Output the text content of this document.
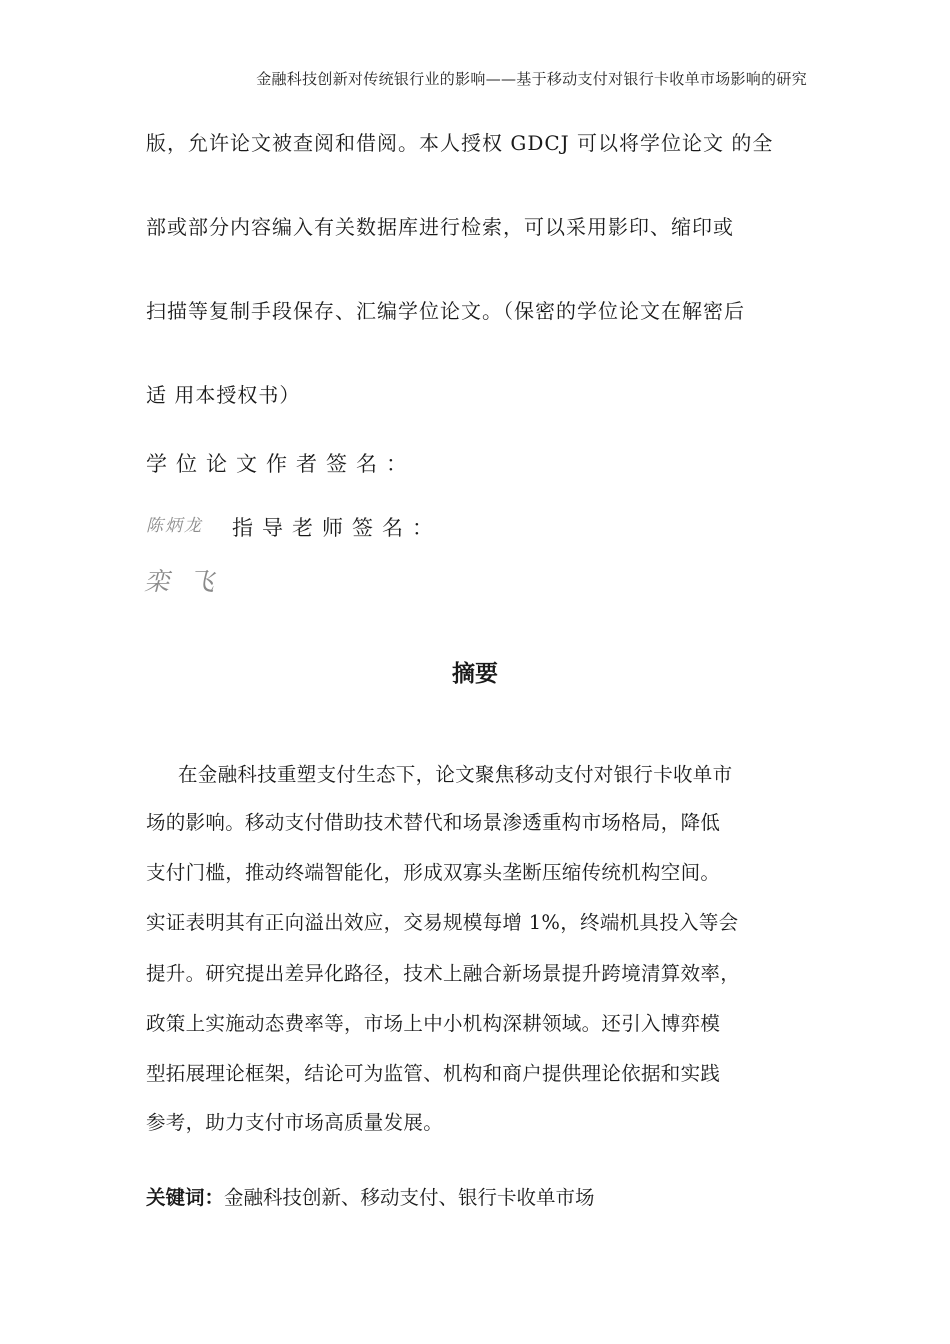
金融科技创新对传统银行业的影响——基于移动支付对银行卡收单市场影响的研究
版，允许论文被查阅和借阅。本人授权 GDCJ 可以将学位论文 的全
部或部分内容编入有关数据库进行检索，可以采用影印、缩印或
扫描等复制手段保存、汇编学位论文。（保密的学位论文在解密后
适 用本授权书）
学位论文作者签名：
陈炳龙 指导老师签名：
栾 飞
摘要
在金融科技重塑支付生态下，论文聚焦移动支付对银行卡收单市
场的影响。移动支付借助技术替代和场景渗透重构市场格局，降低
支付门槛，推动终端智能化，形成双寡头垄断压缩传统机构空间。
实证表明其有正向溢出效应，交易规模每增 1%，终端机具投入等会
提升。研究提出差异化路径，技术上融合新场景提升跨境清算效率，
政策上实施动态费率等，市场上中小机构深耕领域。还引入博弈模
型拓展理论框架，结论可为监管、机构和商户提供理论依据和实践
参考，助力支付市场高质量发展。
关键词：金融科技创新、移动支付、银行卡收单市场
